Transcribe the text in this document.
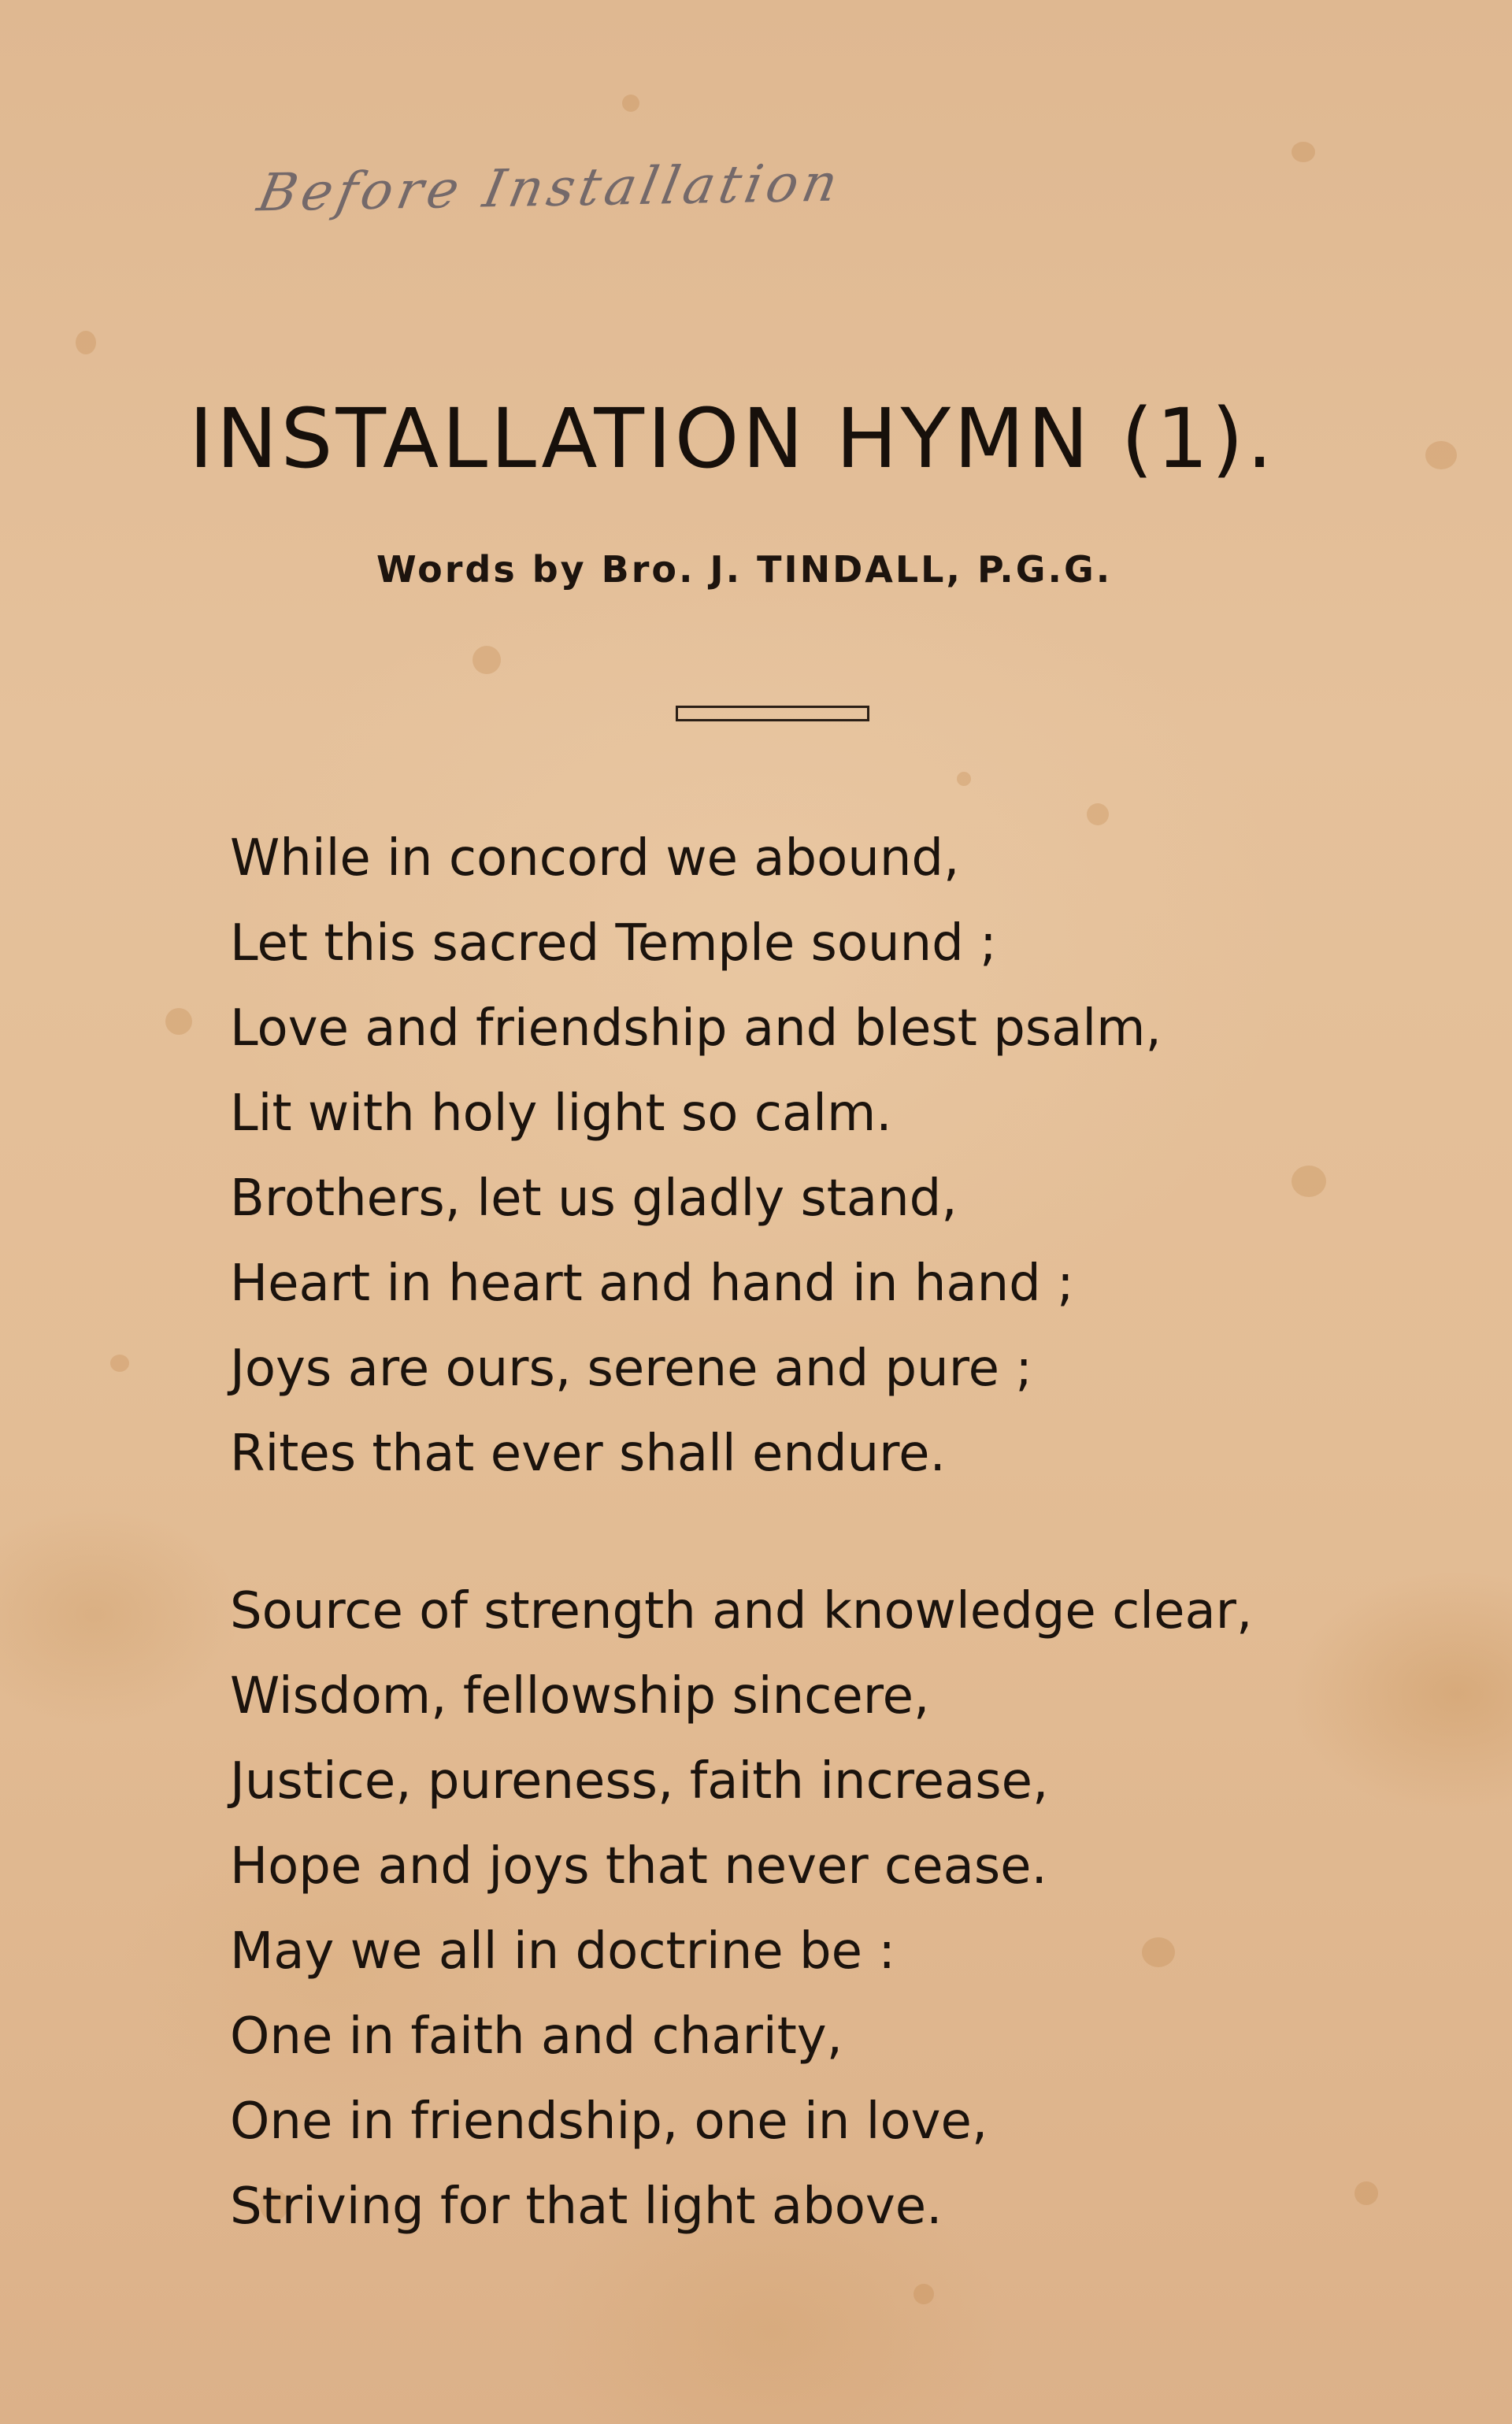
Before Installation
INSTALLATION HYMN (1).

Words by Bro. J. TINDALL, P.G.G.

While in concord we abound,
Let this sacred Temple sound ;
Love and friendship and blest psalm,
Lit with holy light so calm.
Brothers, let us gladly stand,
Heart in heart and hand in hand ;
Joys are ours, serene and pure ;
Rites that ever shall endure.
Source of strength and knowledge clear,
Wisdom, fellowship sincere,
Justice, pureness, faith increase,
Hope and joys that never cease.
May we all in doctrine be :
One in faith and charity,
One in friendship, one in love,
Striving for that light above.
